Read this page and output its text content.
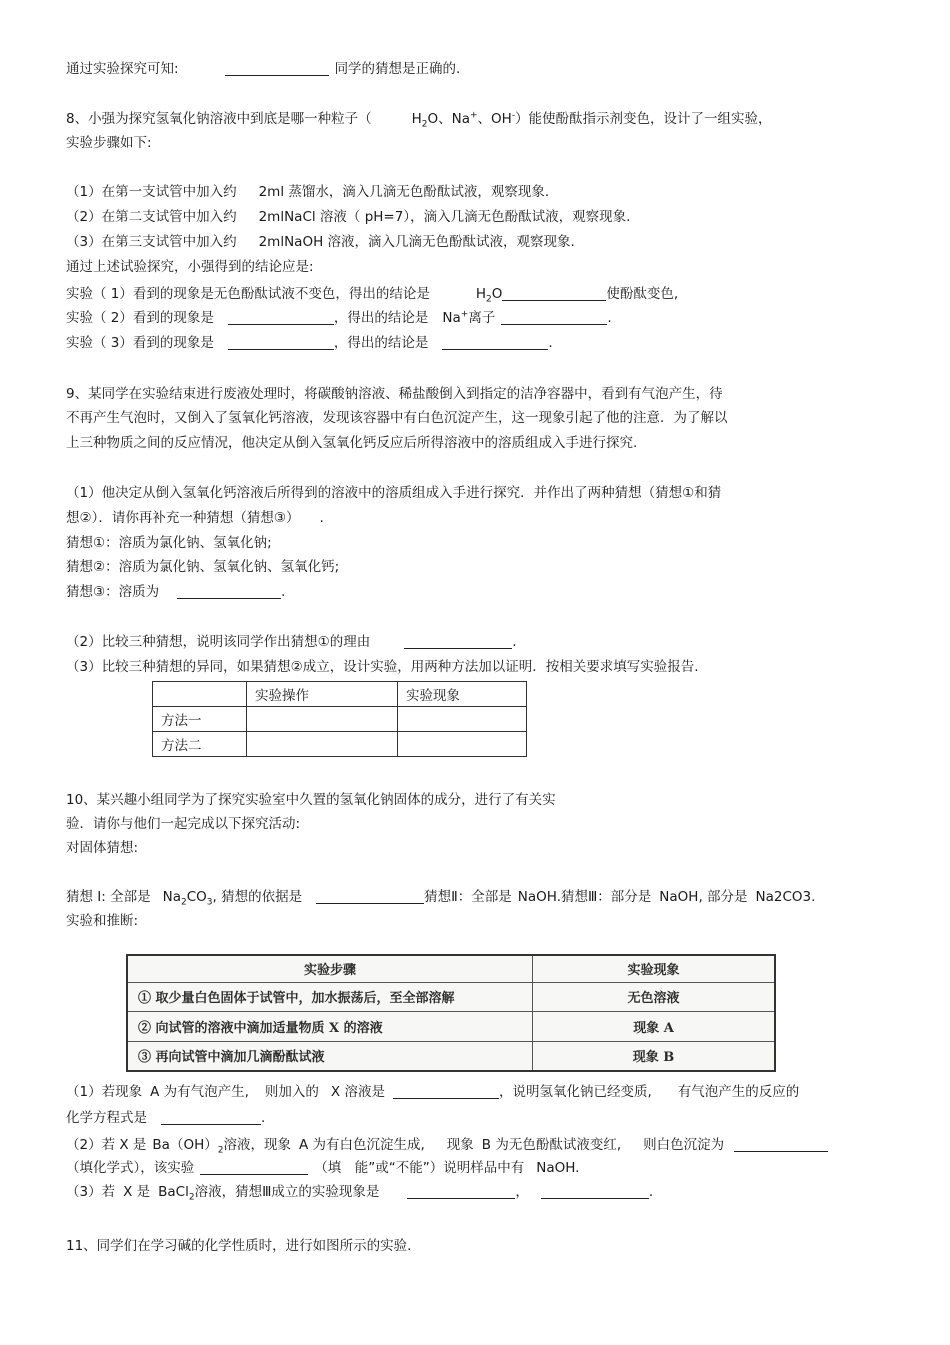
通过实验探究可知:	同学的猜想是正确的.
8、小强为探究氢氧化钠溶液中到底是哪一种粒子（	$H_2O$、Na+、OH-）能使酚酞指示剂变色，设计了一组实验，
实验步骤如下:
（1）在第一支试管中加入约 2ml 蒸馏水，滴入几滴无色酚酞试液，观察现象.
（2）在第二支试管中加入约 2mlNaCl 溶液（ pH=7），滴入几滴无色酚酞试液，观察现象.
（3）在第三支试管中加入约 2mlNaOH 溶液，滴入几滴无色酚酞试液，观察现象.
通过上述试验探究，小强得到的结论应是:
实验（ 1）看到的现象是无色酚酞试液不变色，得出的结论是	$H_2O$	使酚酞变色,
实验（ 2）看到的现象是	，得出的结论是 Na+离子	.
实验（ 3）看到的现象是	，得出的结论是	.
9、某同学在实验结束进行废液处理时，将碳酸钠溶液、稀盐酸倒入到指定的洁净容器中，看到有气泡产生，待
不再产生气泡时，又倒入了氢氧化钙溶液，发现该容器中有白色沉淀产生，这一现象引起了他的注意．为了解以
上三种物质之间的反应情况，他决定从倒入氢氧化钙反应后所得溶液中的溶质组成入手进行探究.
（1）他决定从倒入氢氧化钙溶液后所得到的溶液中的溶质组成入手进行探究．并作出了两种猜想（猜想①和猜
想②）．请你再补充一种猜想（猜想③） .
猜想①：溶质为氯化钠、氢氧化钠;
猜想②：溶质为氯化钠、氢氧化钠、氢氧化钙;
猜想③：溶质为	.
（2）比较三种猜想，说明该同学作出猜想①的理由	.
（3）比较三种猜想的异同，如果猜想②成立，设计实验，用两种方法加以证明．按相关要求填写实验报告.
	实验操作	实验现象
方法一		
方法二		
10、某兴趣小组同学为了探究实验室中久置的氢氧化钠固体的成分，进行了有关实
验．请你与他们一起完成以下探究活动:
对固体猜想:
猜想 I: 全部是 $Na_2CO_3$, 猜想的依据是	猜想Ⅱ：全部是 NaOH.猜想Ⅲ：部分是 NaOH, 部分是 Na2CO3.
实验和推断:
实验步骤	实验现象
① 取少量白色固体于试管中，加水振荡后，至全部溶解	无色溶液
② 向试管的溶液中滴加适量物质 X 的溶液	现象 A
③ 再向试管中滴加几滴酚酞试液	现象 B
（1）若现象 A 为有气泡产生, 则加入的 X 溶液是	，说明氢氧化钠已经变质, 有气泡产生的反应的
化学方程式是	.
（2）若 X 是 $Ba(OH)_2$溶液，现象 A 为有白色沉淀生成, 现象 B 为无色酚酞试液变红, 则白色沉淀为
（填化学式），该实验	（填　能”或“不能”）说明样品中有 NaOH.
（3）若 X 是 BaCl$_2$溶液，猜想Ⅲ成立的实验现象是	，	.
11、同学们在学习碱的化学性质时，进行如图所示的实验.
